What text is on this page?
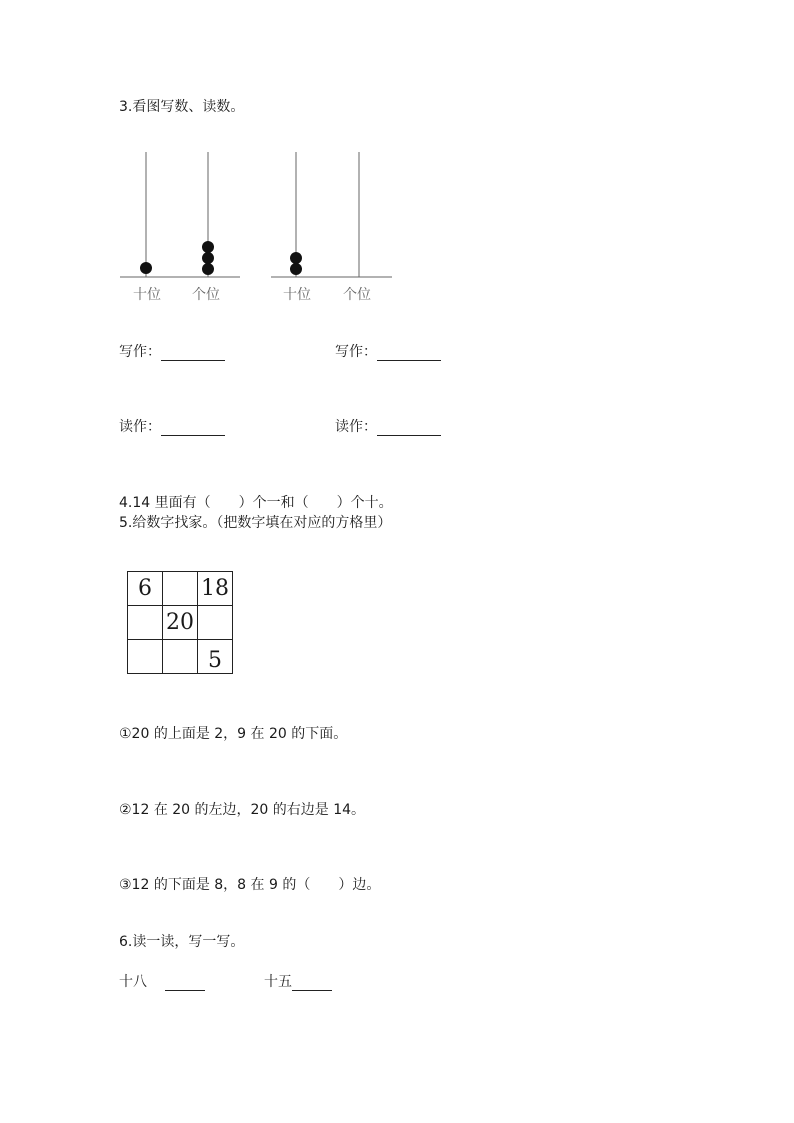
3.看图写数、读数。
十位 个位	十位 个位
写作：	写作：
读作：	读作：
4.14 里面有（　　）个一和（　　）个十。
5.给数字找家。（把数字填在对应的方格里）
6		18
	20	
		5
①20 的上面是 2，9 在 20 的下面。
②12 在 20 的左边，20 的右边是 14。
③12 的下面是 8，8 在 9 的（　　）边。
6.读一读，写一写。
十八	十五
